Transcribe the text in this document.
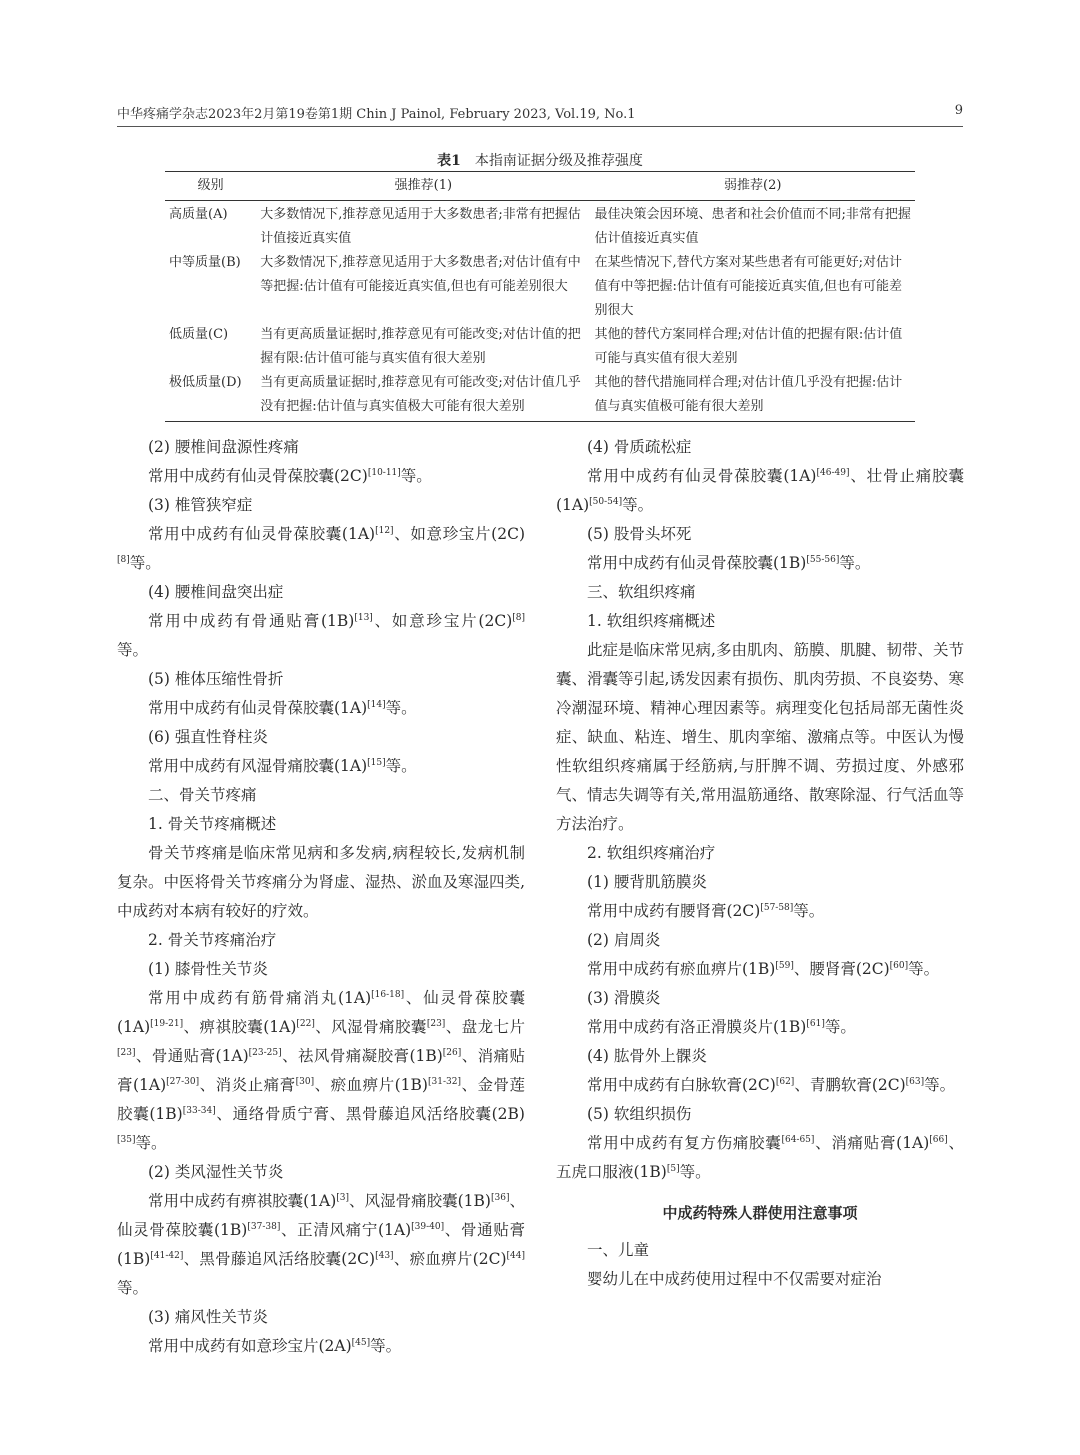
中华疼痛学杂志2023年2月第19卷第1期 Chin J Painol, February 2023, Vol.19, No.1	9
表1 本指南证据分级及推荐强度
级别	强推荐(1)	弱推荐(2)
高质量(A)	大多数情况下,推荐意见适用于大多数患者;非常有把握估计值接近真实值	最佳决策会因环境、患者和社会价值而不同;非常有把握估计值接近真实值
中等质量(B)	大多数情况下,推荐意见适用于大多数患者;对估计值有中等把握:估计值有可能接近真实值,但也有可能差别很大	在某些情况下,替代方案对某些患者有可能更好;对估计值有中等把握:估计值有可能接近真实值,但也有可能差别很大
低质量(C)	当有更高质量证据时,推荐意见有可能改变;对估计值的把握有限:估计值可能与真实值有很大差别	其他的替代方案同样合理;对估计值的把握有限:估计值可能与真实值有很大差别
极低质量(D)	当有更高质量证据时,推荐意见有可能改变;对估计值几乎没有把握:估计值与真实值极大可能有很大差别	其他的替代措施同样合理;对估计值几乎没有把握:估计值与真实值极可能有很大差别

(2) 腰椎间盘源性疼痛

常用中成药有仙灵骨葆胶囊(2C)[10-11]等。

(3) 椎管狭窄症

常用中成药有仙灵骨葆胶囊(1A)[12]、如意珍宝片(2C)[8]等。

(4) 腰椎间盘突出症

常用中成药有骨通贴膏(1B)[13]、如意珍宝片(2C)[8]等。

(5) 椎体压缩性骨折

常用中成药有仙灵骨葆胶囊(1A)[14]等。

(6) 强直性脊柱炎

常用中成药有风湿骨痛胶囊(1A)[15]等。

二、骨关节疼痛

1. 骨关节疼痛概述

骨关节疼痛是临床常见病和多发病,病程较长,发病机制复杂。中医将骨关节疼痛分为肾虚、湿热、淤血及寒湿四类,中成药对本病有较好的疗效。

2. 骨关节疼痛治疗

(1) 膝骨性关节炎

常用中成药有筋骨痛消丸(1A)[16-18]、仙灵骨葆胶囊(1A)[19-21]、痹祺胶囊(1A)[22]、风湿骨痛胶囊[23]、盘龙七片[23]、骨通贴膏(1A)[23-25]、祛风骨痛凝胶膏(1B)[26]、消痛贴膏(1A)[27-30]、消炎止痛膏[30]、瘀血痹片(1B)[31-32]、金骨莲胶囊(1B)[33-34]、通络骨质宁膏、黑骨藤追风活络胶囊(2B)[35]等。

(2) 类风湿性关节炎

常用中成药有痹祺胶囊(1A)[3]、风湿骨痛胶囊(1B)[36]、仙灵骨葆胶囊(1B)[37-38]、正清风痛宁(1A)[39-40]、骨通贴膏(1B)[41-42]、黑骨藤追风活络胶囊(2C)[43]、瘀血痹片(2C)[44]等。

(3) 痛风性关节炎

常用中成药有如意珍宝片(2A)[45]等。

(4) 骨质疏松症

常用中成药有仙灵骨葆胶囊(1A)[46-49]、壮骨止痛胶囊(1A)[50-54]等。

(5) 股骨头坏死

常用中成药有仙灵骨葆胶囊(1B)[55-56]等。

三、软组织疼痛

1. 软组织疼痛概述

此症是临床常见病,多由肌肉、筋膜、肌腱、韧带、关节囊、滑囊等引起,诱发因素有损伤、肌肉劳损、不良姿势、寒冷潮湿环境、精神心理因素等。病理变化包括局部无菌性炎症、缺血、粘连、增生、肌肉挛缩、激痛点等。中医认为慢性软组织疼痛属于经筋病,与肝脾不调、劳损过度、外感邪气、情志失调等有关,常用温筋通络、散寒除湿、行气活血等方法治疗。

2. 软组织疼痛治疗

(1) 腰背肌筋膜炎

常用中成药有腰肾膏(2C)[57-58]等。

(2) 肩周炎

常用中成药有瘀血痹片(1B)[59]、腰肾膏(2C)[60]等。

(3) 滑膜炎

常用中成药有洛正滑膜炎片(1B)[61]等。

(4) 肱骨外上髁炎

常用中成药有白脉软膏(2C)[62]、青鹏软膏(2C)[63]等。

(5) 软组织损伤

常用中成药有复方伤痛胶囊[64-65]、消痛贴膏(1A)[66]、五虎口服液(1B)[5]等。

中成药特殊人群使用注意事项

一、儿童

婴幼儿在中成药使用过程中不仅需要对症治
